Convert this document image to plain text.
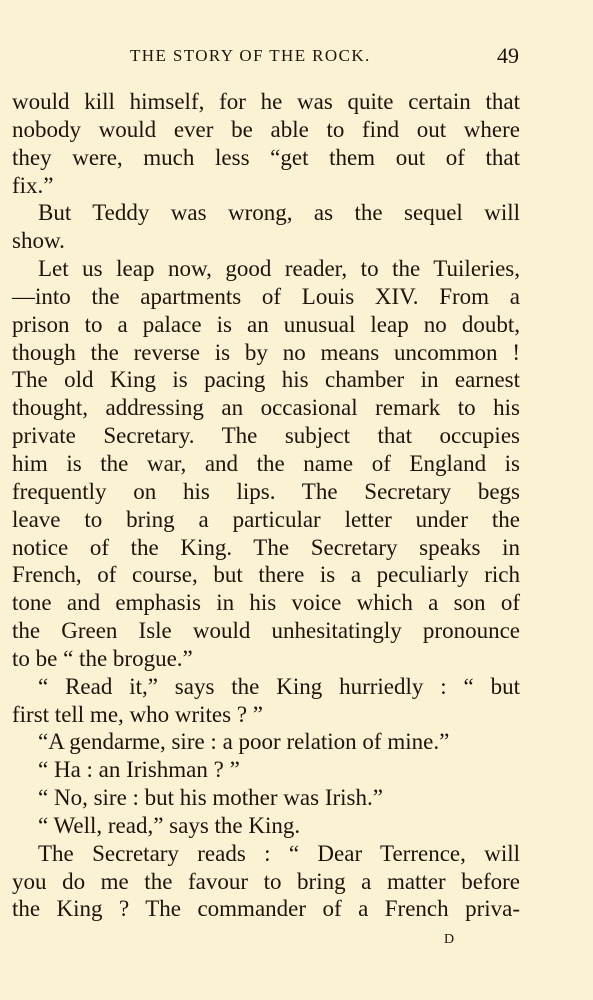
THE STORY OF THE ROCK.	49
would kill himself, for he was quite certain that
nobody would ever be able to find out where
they were, much less “get them out of that
fix.”
But Teddy was wrong, as the sequel will
show.
Let us leap now, good reader, to the Tuileries,
—into the apartments of Louis XIV. From a
prison to a palace is an unusual leap no doubt,
though the reverse is by no means uncommon !
The old King is pacing his chamber in earnest
thought, addressing an occasional remark to his
private Secretary. The subject that occupies
him is the war, and the name of England is
frequently on his lips. The Secretary begs
leave to bring a particular letter under the
notice of the King. The Secretary speaks in
French, of course, but there is a peculiarly rich
tone and emphasis in his voice which a son of
the Green Isle would unhesitatingly pronounce
to be “ the brogue.”
“ Read it,” says the King hurriedly : “ but
first tell me, who writes ? ”
“A gendarme, sire : a poor relation of mine.”
“ Ha : an Irishman ? ”
“ No, sire : but his mother was Irish.”
“ Well, read,” says the King.
The Secretary reads : “ Dear Terrence, will
you do me the favour to bring a matter before
the King ? The commander of a French priva-
D
